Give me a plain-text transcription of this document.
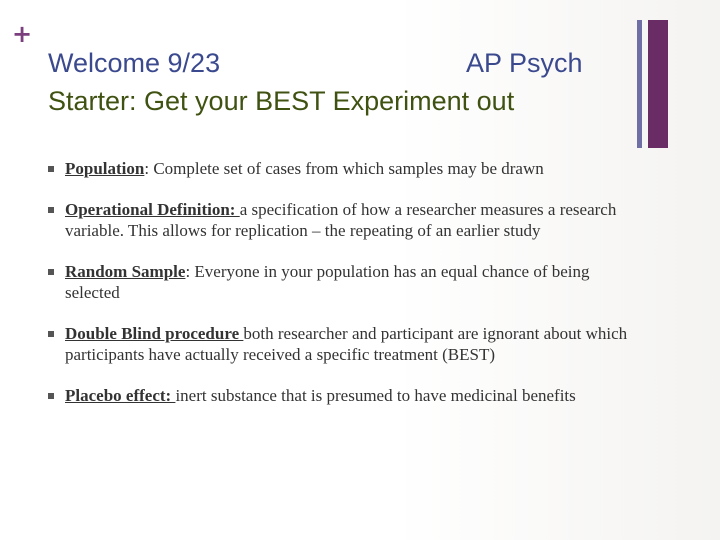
+
Welcome 9/23	AP Psych
Starter: Get your BEST Experiment out
Population: Complete set of cases from which samples may be drawn
Operational Definition: a specification of how a researcher measures a research variable. This allows for replication – the repeating of an earlier study
Random Sample: Everyone in your population has an equal chance of being selected
Double Blind procedure both researcher and participant are ignorant about which participants have actually received a specific treatment (BEST)
Placebo effect: inert substance that is presumed to have medicinal benefits
